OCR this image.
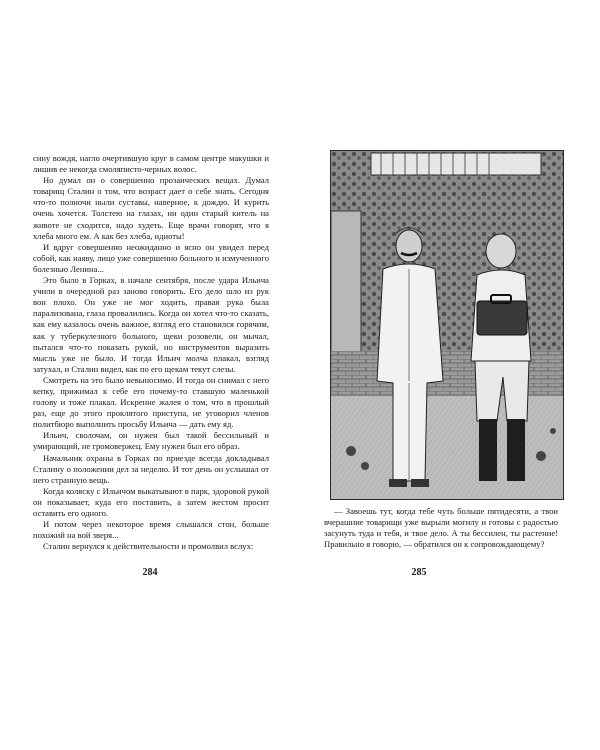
сину вождя, нагло очертившую круг в самом центре макушки и лишив ее некогда смоляписто-черных волос.

Но думал он о совершенно прозаических вещах. Думал товарищ Сталин о том, что возраст дает о себе знать. Сегодня что-то полночи ныли суставы, наверное, к дождю. И курить очень хочется. Толстею на глазах, ни один старый китель на животе не сходится, надо худеть. Еще врачи говорят, что я хлеба много ем. А как без хлеба, идиоты!

И вдруг совершенно неожиданно и ясно он увидел перед собой, как наяву, лицо уже совершенно больного и измученного болезнью Ленина...

Это было в Горках, в начале сентября, после удара Ильича учили в очередной раз заново говорить. Его дело шло из рук вон плохо. Он уже не мог ходить, правая рука была парализована, глаза провалились. Когда он хотел что-то сказать, как ему казалось очень важное, взгляд его становился горячим, как у туберкулезного больного, щеки розовели, он мычал, пытался что-то показать рукой, но инструментов выразить мысль уже не было. И тогда Ильич молча плакал, взгляд затухал, и Сталин видел, как по его щекам текут слезы.

Смотреть на это было невыносимо. И тогда он снимал с него кепку, прижимал к себе его почему-то ставшую маленькой голову и тоже плакал. Искренне жалея о том, что в прошлый раз, еще до этого проклятого приступа, не уговорил членов политбюро выполнить просьбу Ильича — дать ему яд.

Ильич, сволочам, он нужен был такой бессильный и умирающий, не громовержец. Ему нужен был его образ.

Начальник охраны в Горках по приезде всегда докладывал Сталину о положении дел за неделю. И тот день он услышал от него странную вещь.

Когда коляску с Ильичом выкатывают в парк, здоровой рукой он показывает, куда его поставить, а затем жестом просит оставить его одного.

И потом через некоторое время слышался стон, больше похожий на вой зверя...

Сталин вернулся к действительности и промолвил вслух:

284

— Завоешь тут, когда тебе чуть больше пятидесяти, а твои вчерашние товарищи уже вырыли могилу и готовы с радостью засунуть туда и тебя, и твое дело. А ты бессилен, ты растение! Правильно я говорю, — обратился он к сопровождающему?

285
